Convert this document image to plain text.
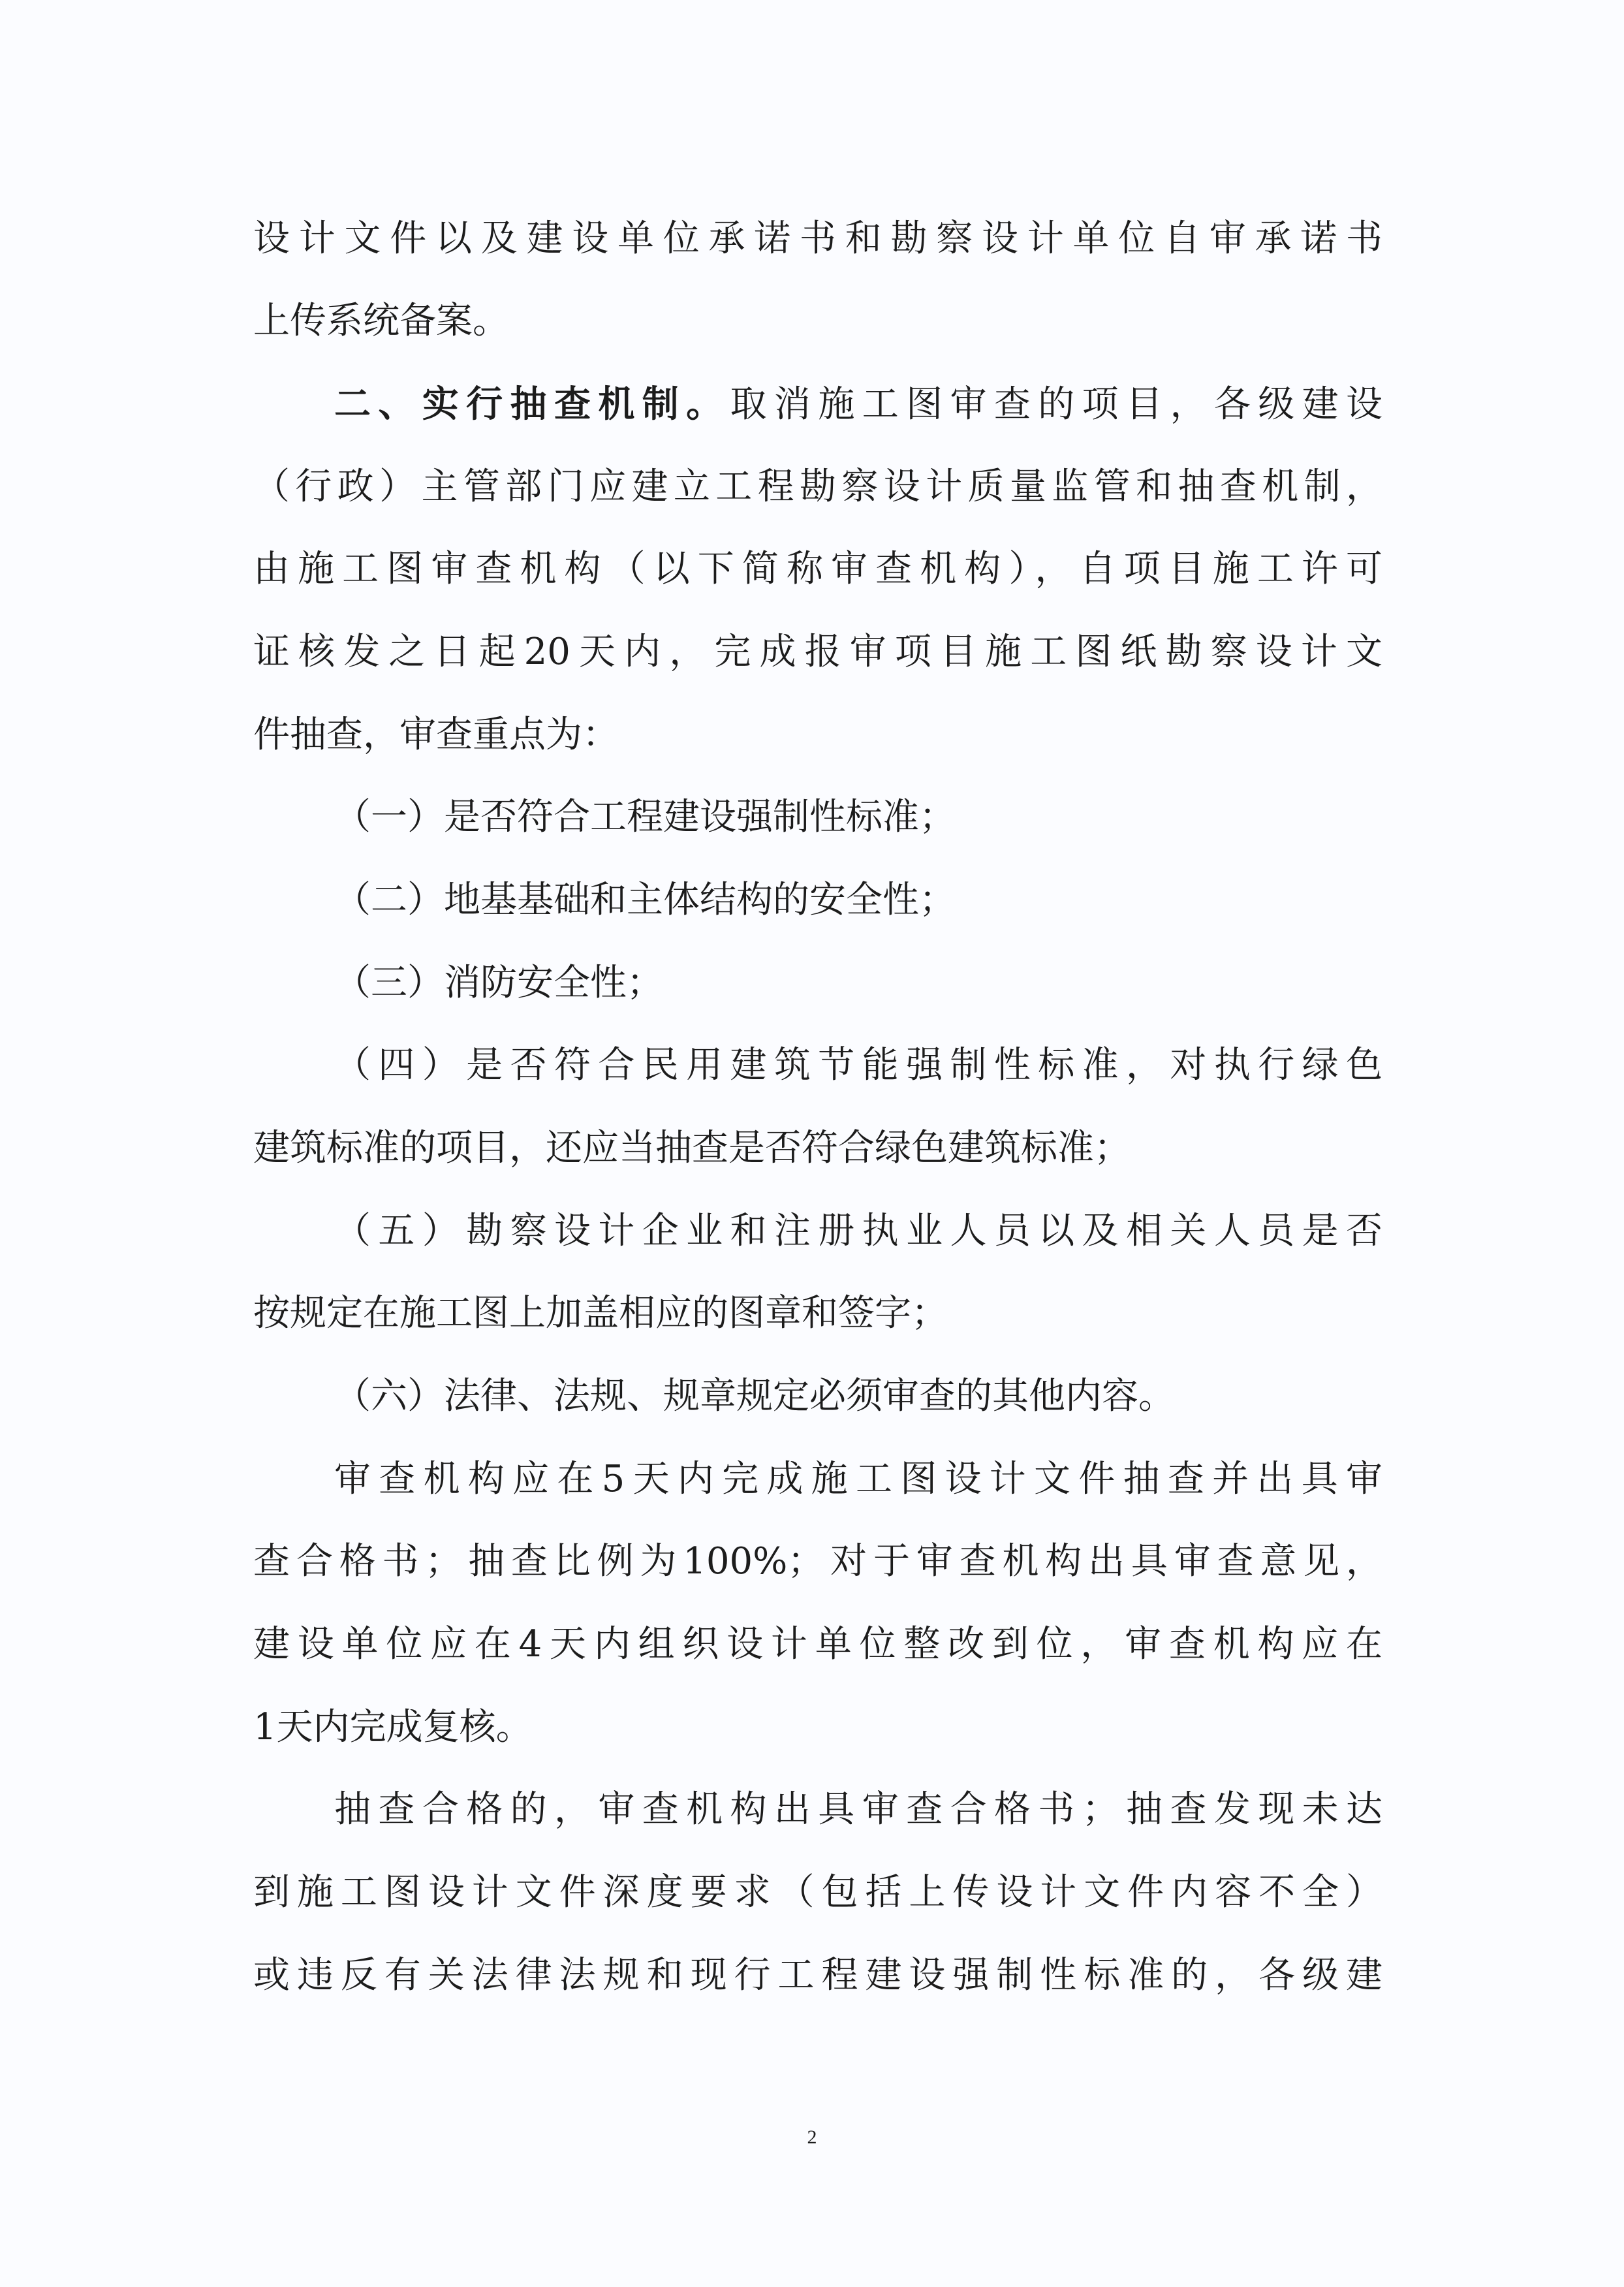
设计文件以及建设单位承诺书和勘察设计单位自审承诺书
上传系统备案。
二、实行抽查机制。取消施工图审查的项目，各级建设
（行政）主管部门应建立工程勘察设计质量监管和抽查机制，
由施工图审查机构（以下简称审查机构），自项目施工许可
证核发之日起20天内，完成报审项目施工图纸勘察设计文
件抽查，审查重点为：
（一）是否符合工程建设强制性标准；
（二）地基基础和主体结构的安全性；
（三）消防安全性；
（四）是否符合民用建筑节能强制性标准，对执行绿色
建筑标准的项目，还应当抽查是否符合绿色建筑标准；
（五）勘察设计企业和注册执业人员以及相关人员是否
按规定在施工图上加盖相应的图章和签字；
（六）法律、法规、规章规定必须审查的其他内容。
审查机构应在5天内完成施工图设计文件抽查并出具审
查合格书；抽查比例为100%；对于审查机构出具审查意见，
建设单位应在4天内组织设计单位整改到位，审查机构应在
1天内完成复核。
抽查合格的，审查机构出具审查合格书；抽查发现未达
到施工图设计文件深度要求（包括上传设计文件内容不全）
或违反有关法律法规和现行工程建设强制性标准的，各级建
2
